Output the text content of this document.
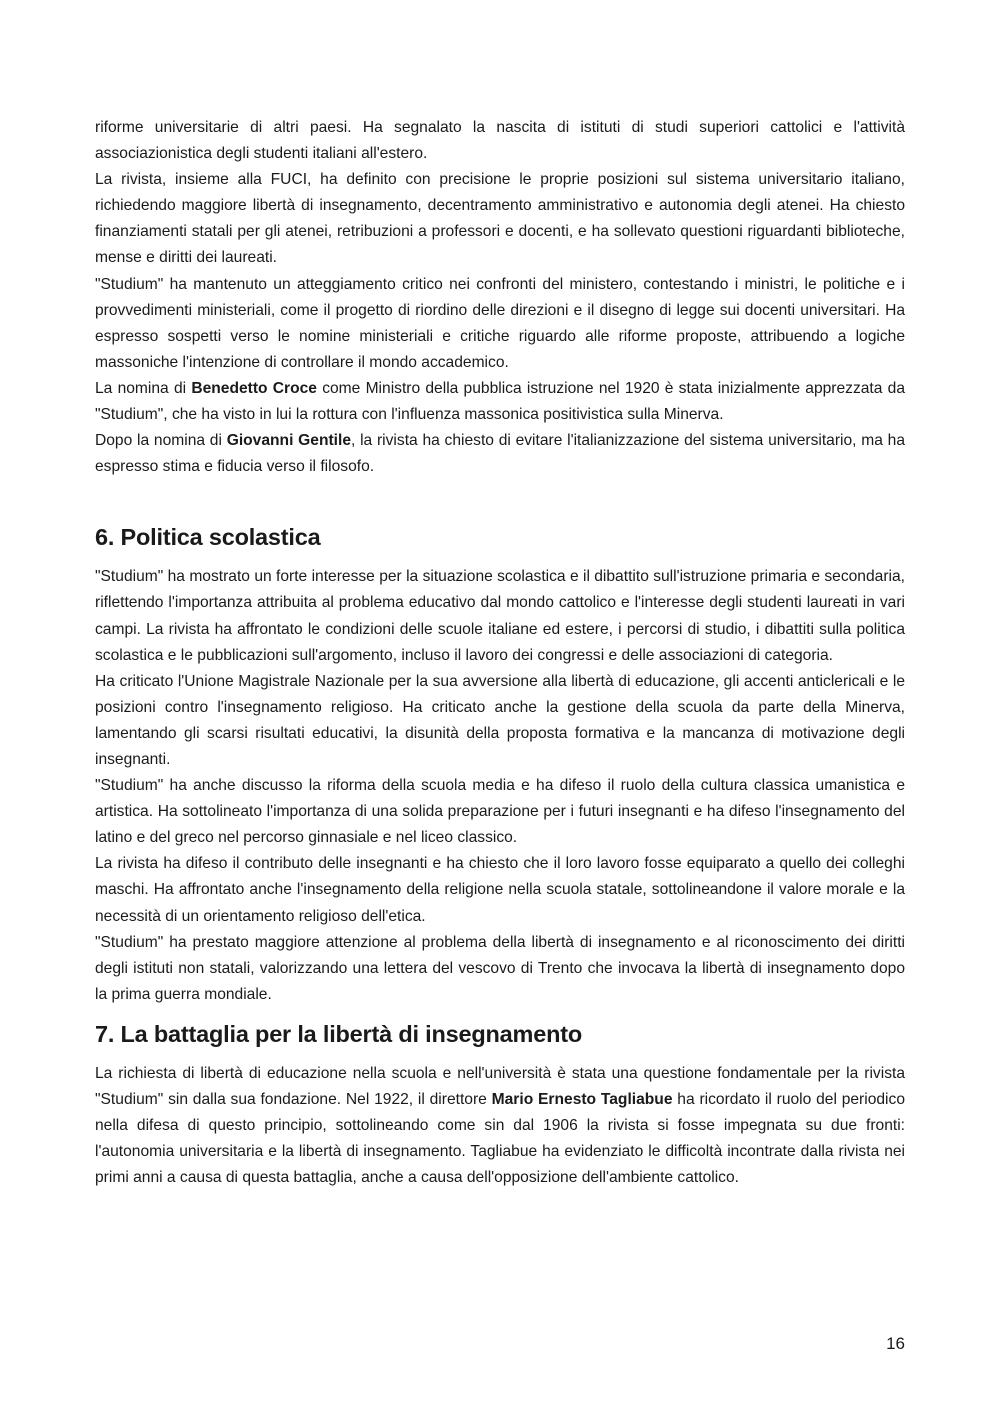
riforme universitarie di altri paesi. Ha segnalato la nascita di istituti di studi superiori cattolici e l'attività associazionistica degli studenti italiani all'estero.

La rivista, insieme alla FUCI, ha definito con precisione le proprie posizioni sul sistema universitario italiano, richiedendo maggiore libertà di insegnamento, decentramento amministrativo e autonomia degli atenei. Ha chiesto finanziamenti statali per gli atenei, retribuzioni a professori e docenti, e ha sollevato questioni riguardanti biblioteche, mense e diritti dei laureati.

"Studium" ha mantenuto un atteggiamento critico nei confronti del ministero, contestando i ministri, le politiche e i provvedimenti ministeriali, come il progetto di riordino delle direzioni e il disegno di legge sui docenti universitari. Ha espresso sospetti verso le nomine ministeriali e critiche riguardo alle riforme proposte, attribuendo a logiche massoniche l'intenzione di controllare il mondo accademico.

La nomina di Benedetto Croce come Ministro della pubblica istruzione nel 1920 è stata inizialmente apprezzata da "Studium", che ha visto in lui la rottura con l'influenza massonica positivistica sulla Minerva.

Dopo la nomina di Giovanni Gentile, la rivista ha chiesto di evitare l'italianizzazione del sistema universitario, ma ha espresso stima e fiducia verso il filosofo.

6. Politica scolastica

"Studium" ha mostrato un forte interesse per la situazione scolastica e il dibattito sull'istruzione primaria e secondaria, riflettendo l'importanza attribuita al problema educativo dal mondo cattolico e l'interesse degli studenti laureati in vari campi. La rivista ha affrontato le condizioni delle scuole italiane ed estere, i percorsi di studio, i dibattiti sulla politica scolastica e le pubblicazioni sull'argomento, incluso il lavoro dei congressi e delle associazioni di categoria.

Ha criticato l'Unione Magistrale Nazionale per la sua avversione alla libertà di educazione, gli accenti anticlericali e le posizioni contro l'insegnamento religioso. Ha criticato anche la gestione della scuola da parte della Minerva, lamentando gli scarsi risultati educativi, la disunità della proposta formativa e la mancanza di motivazione degli insegnanti.

"Studium" ha anche discusso la riforma della scuola media e ha difeso il ruolo della cultura classica umanistica e artistica. Ha sottolineato l'importanza di una solida preparazione per i futuri insegnanti e ha difeso l'insegnamento del latino e del greco nel percorso ginnasiale e nel liceo classico.

La rivista ha difeso il contributo delle insegnanti e ha chiesto che il loro lavoro fosse equiparato a quello dei colleghi maschi. Ha affrontato anche l'insegnamento della religione nella scuola statale, sottolineandone il valore morale e la necessità di un orientamento religioso dell'etica.

"Studium" ha prestato maggiore attenzione al problema della libertà di insegnamento e al riconoscimento dei diritti degli istituti non statali, valorizzando una lettera del vescovo di Trento che invocava la libertà di insegnamento dopo la prima guerra mondiale.

7. La battaglia per la libertà di insegnamento

La richiesta di libertà di educazione nella scuola e nell'università è stata una questione fondamentale per la rivista "Studium" sin dalla sua fondazione. Nel 1922, il direttore Mario Ernesto Tagliabue ha ricordato il ruolo del periodico nella difesa di questo principio, sottolineando come sin dal 1906 la rivista si fosse impegnata su due fronti: l'autonomia universitaria e la libertà di insegnamento. Tagliabue ha evidenziato le difficoltà incontrate dalla rivista nei primi anni a causa di questa battaglia, anche a causa dell'opposizione dell'ambiente cattolico.

16
